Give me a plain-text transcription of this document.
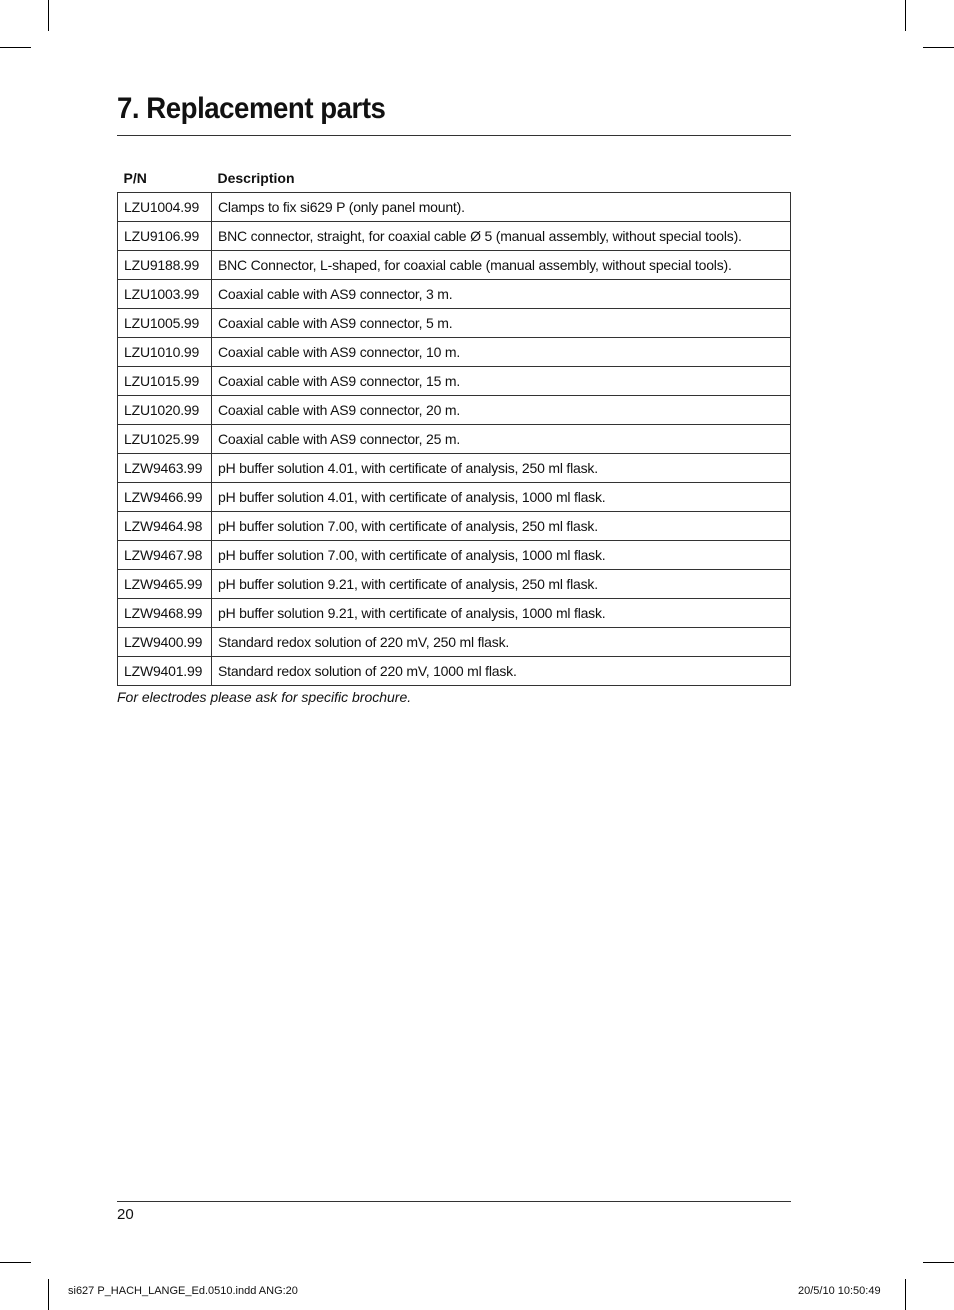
7. Replacement parts
P/N	Description
LZU1004.99	Clamps to fix si629 P (only panel mount).
LZU9106.99	BNC connector, straight, for coaxial cable Ø 5 (manual assembly, without special tools).
LZU9188.99	BNC Connector, L-shaped, for coaxial cable (manual assembly, without special tools).
LZU1003.99	Coaxial cable with AS9 connector, 3 m.
LZU1005.99	Coaxial cable with AS9 connector, 5 m.
LZU1010.99	Coaxial cable with AS9 connector, 10 m.
LZU1015.99	Coaxial cable with AS9 connector, 15 m.
LZU1020.99	Coaxial cable with AS9 connector, 20 m.
LZU1025.99	Coaxial cable with AS9 connector, 25 m.
LZW9463.99	pH buffer solution 4.01, with certificate of analysis, 250 ml flask.
LZW9466.99	pH buffer solution 4.01, with certificate of analysis, 1000 ml flask.
LZW9464.98	pH buffer solution 7.00, with certificate of analysis, 250 ml flask.
LZW9467.98	pH buffer solution 7.00, with certificate of analysis, 1000 ml flask.
LZW9465.99	pH buffer solution 9.21, with certificate of analysis, 250 ml flask.
LZW9468.99	pH buffer solution 9.21, with certificate of analysis, 1000 ml flask.
LZW9400.99	Standard redox solution of 220 mV, 250 ml flask.
LZW9401.99	Standard redox solution of 220 mV, 1000 ml flask.

For electrodes please ask for specific brochure.

20
si627 P_HACH_LANGE_Ed.0510.indd ANG:20	20/5/10 10:50:49
